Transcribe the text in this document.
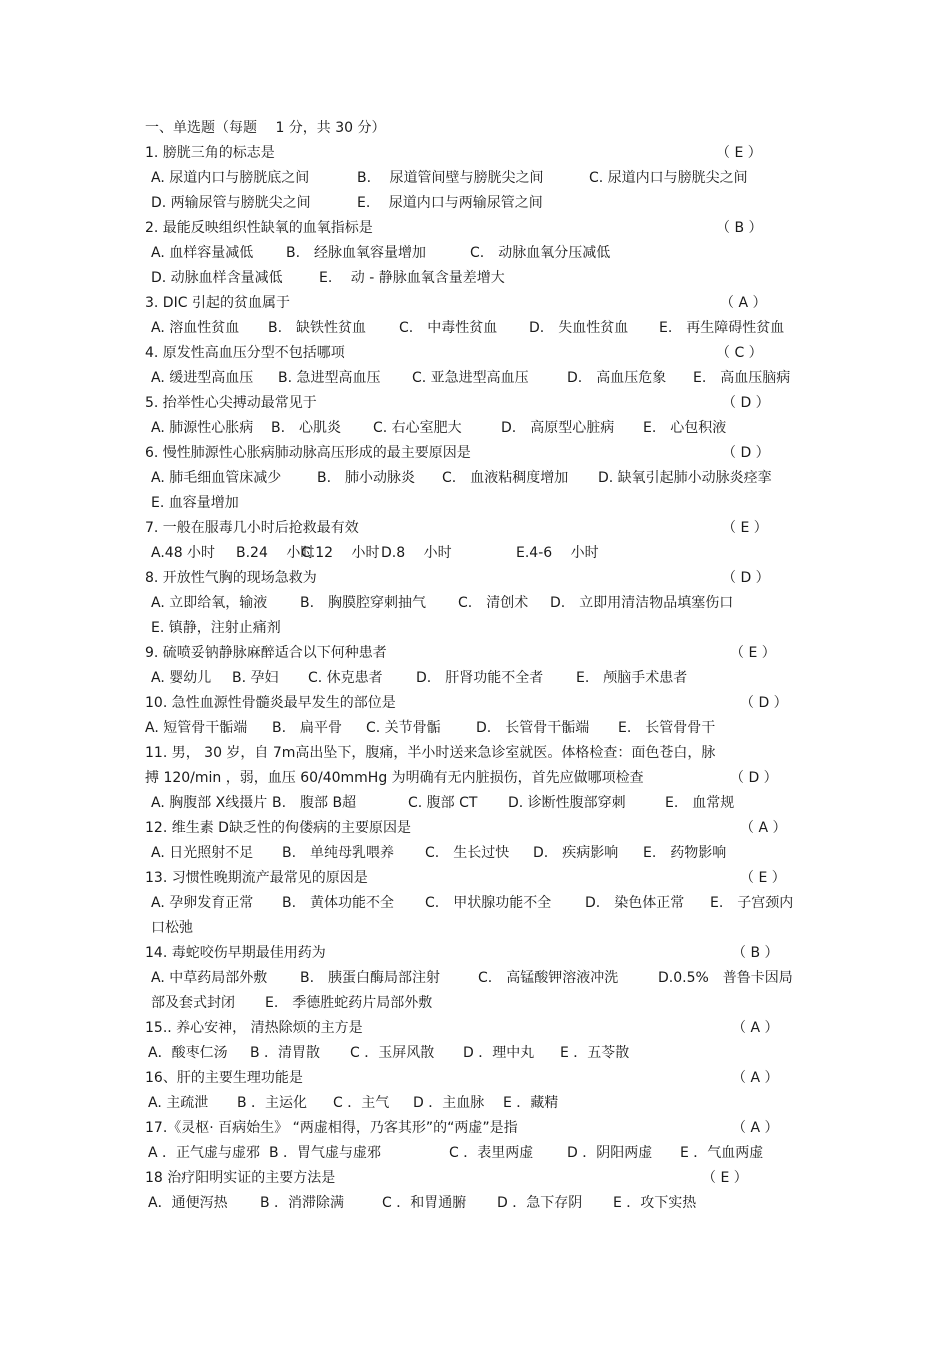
一、单选题（每题　 1 分，共 30 分）
1. 膀胱三角的标志是	（ E ）
A. 尿道内口与膀胱底之间	B.　 尿道管间壁与膀胱尖之间	C. 尿道内口与膀胱尖之间
D. 两输尿管与膀胱尖之间	E.　 尿道内口与两输尿管之间
2. 最能反映组织性缺氧的血氧指标是	（ B ）
A. 血样容量减低 B.　经脉血氧容量增加	C.　动脉血氧分压减低
D. 动脉血样含量减低	E.　 动 - 静脉血氧含量差增大
3. DIC 引起的贫血属于	（ A ）
A. 溶血性贫血 B.　缺铁性贫血 C.　中毒性贫血 D.　失血性贫血 E.　再生障碍性贫血
4. 原发性高血压分型不包括哪项	（ C ）
A. 缓进型高血压 B. 急进型高血压 C. 亚急进型高血压	D.　高血压危象 E.　高血压脑病
5. 抬举性心尖搏动最常见于	（ D ）
A. 肺源性心胀病 B.　心肌炎 C. 右心室肥大	D.　高原型心脏病 E.　心包积液
6. 慢性肺源性心胀病肺动脉高压形成的最主要原因是	（ D ）
A. 肺毛细血管床减少	B.　肺小动脉炎 C.　血液粘稠度增加 D. 缺氧引起肺小动脉炎痉挛
E. 血容量增加
7. 一般在服毒几小时后抢救最有效	（ E ）
A.48 小时 B.24　 小时
C.12　 小时 D.8　 小时	E.4-6　 小时
8. 开放性气胸的现场急救为	（ D ）
A. 立即给氧，输液 B.　胸膜腔穿刺抽气 C.　清创术 D.　立即用清洁物品填塞伤口
E. 镇静，注射止痛剂
9. 硫喷妥钠静脉麻醉适合以下何种患者	（ E ）
A. 婴幼儿 B. 孕妇 C. 休克患者 D.　肝肾功能不全者 E.　颅脑手术患者
10. 急性血源性骨髓炎最早发生的部位是	（ D ）
A. 短管骨干骺端 B.　扁平骨 C. 关节骨骺	D.　长管骨干骺端 E.　长管骨骨干
11. 男， 30 岁，自 7m高出坠下，腹痛，半小时送来急诊室就医。体格检查：面色苍白，脉
搏 120/min ，弱，血压 60/40mmHg 为明确有无内脏损伤，首先应做哪项检查	（ D ）
A. 胸腹部 X线摄片 B.　腹部 B超	C. 腹部 CT D. 诊断性腹部穿刺	E.　血常规
12. 维生素 D缺乏性的佝偻病的主要原因是	（ A ）
A. 日光照射不足 B.　单纯母乳喂养 C.　生长过快 D.　疾病影响 E.　药物影响
13. 习惯性晚期流产最常见的原因是	（ E ）
A. 孕卵发育正常 B.　黄体功能不全 C.　甲状腺功能不全 D.　染色体正常 E.　子宫颈内
口松弛
14. 毒蛇咬伤早期最佳用药为	（ B ）
A. 中草药局部外敷 B.　胰蛋白酶局部注射	C.　高锰酸钾溶液冲洗	D.0.5%　普鲁卡因局
部及套式封闭 E.　季德胜蛇药片局部外敷
15.. 养心安神， 清热除烦的主方是	（ A ）
A．酸枣仁汤 B ．清胃散 C ．玉屏风散 D ．理中丸 E ．五苓散
16、肝的主要生理功能是	（ A ）
A. 主疏泄 B ．主运化 C ．主气 D ．主血脉 E ．藏精
17.《灵枢· 百病始生》 “两虚相得，乃客其形”的“两虚”是指	（ A ）
A ．正气虚与虚邪 B ．胃气虚与虚邪	C ．表里两虚 D ．阴阳两虚 E ．气血两虚
18 治疗阳明实证的主要方法是	（ E ）
A．通便泻热 B ．消滞除满	C ．和胃通腑 D ．急下存阴 E ．攻下实热
